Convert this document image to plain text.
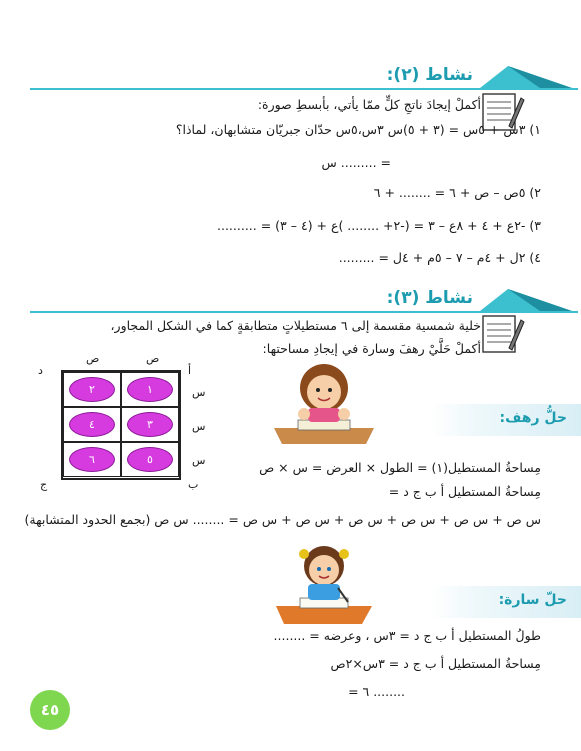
نشاط (٢):
أكملْ إيجادَ ناتجِ كلٍّ ممّا يأتي، بأبسطِ صورة:
١) ٣س + ٥س = (٣ + ٥)س ٣س،٥س حدّان جبريّان متشابهان، لماذا؟
= ......... س
٢) ٥ص – ص + ٦ = ........ + ٦
٣) -٢ع + ٤ + ٨ع – ٣ = (-٢+ ........ )ع + (٤ – ٣) = ..........
٤) ٢ل + ٤م – ٧ – ٥م + ٤ل = .........
نشاط (٣):
خلية شمسية مقسمة إلى ٦ مستطيلاتٍ متطابقةٍ كما في الشكل المجاور،
أكملْ حَلَّيْ رهفَ وسارة في إيجادِ مساحتها:
د	أ
ج	ب
ص	ص
س
س
س
٢	١
٤	٣
٦	٥
حلُّ رهف:
مِساحةُ المستطيل(١) = الطول × العرض = س × ص
مِساحةُ المستطيل أ ب ج د =
س ص + س ص + س ص + س ص + س ص + س ص = ........ س ص (بجمع الحدود المتشابهة)
حلّ سارة:
طولُ المستطيل أ ب ج د = ٣س ، وعرضه = ........
مِساحةُ المستطيل أ ب ج د = ٣س×٢ص
= ٦ ........
٤٥
